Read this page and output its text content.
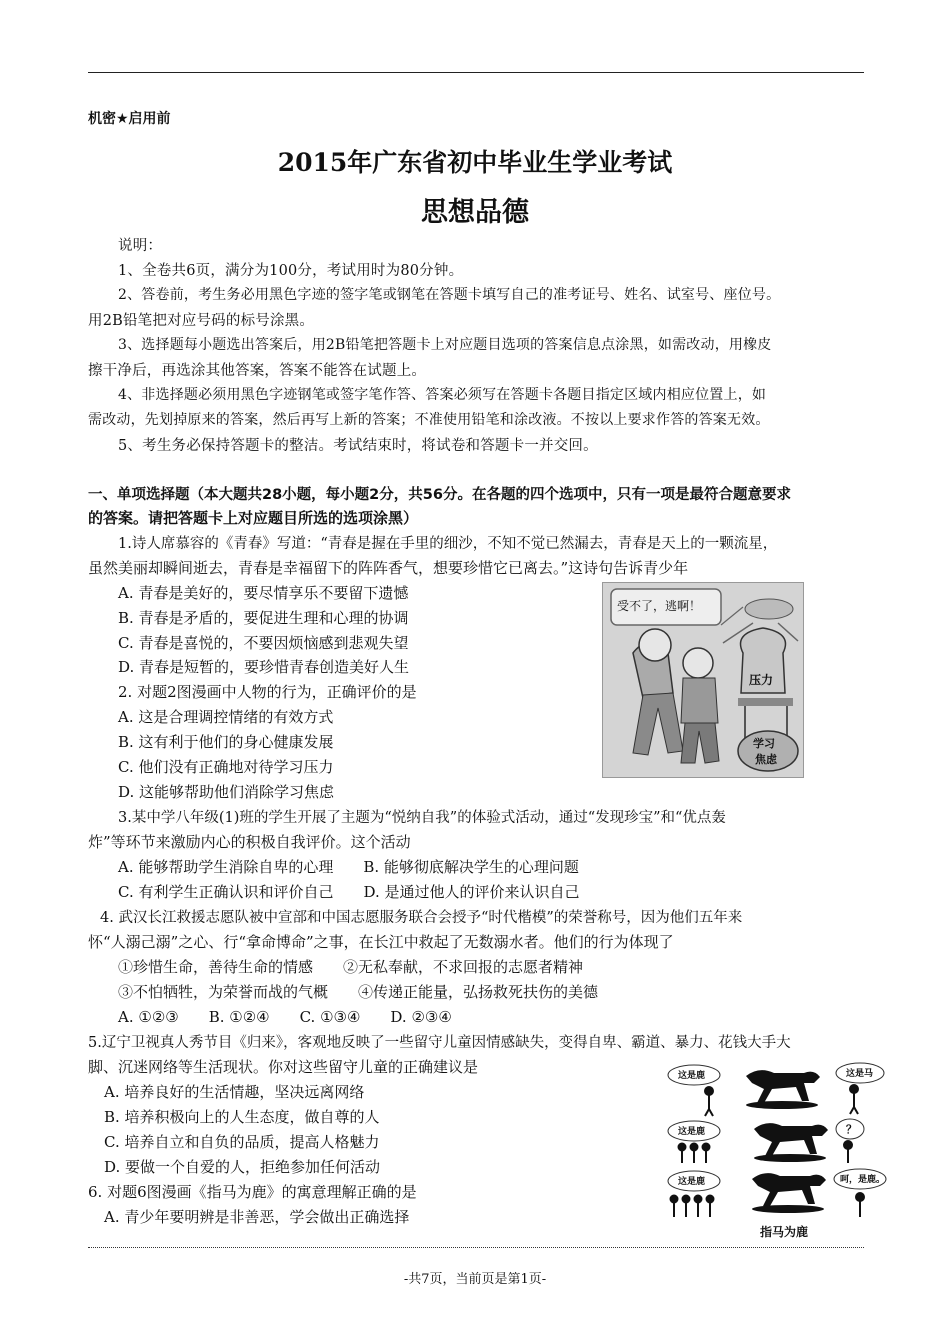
机密★启用前
2015年广东省初中毕业生学业考试
思想品德
说明：
1、全卷共6页，满分为100分，考试用时为80分钟。
2、答卷前，考生务必用黑色字迹的签字笔或钢笔在答题卡填写自己的准考证号、姓名、试室号、座位号。
用2B铅笔把对应号码的标号涂黑。
3、选择题每小题选出答案后，用2B铅笔把答题卡上对应题目选项的答案信息点涂黑，如需改动，用橡皮
擦干净后，再选涂其他答案，答案不能答在试题上。
4、非选择题必须用黑色字迹钢笔或签字笔作答、答案必须写在答题卡各题目指定区域内相应位置上，如
需改动，先划掉原来的答案，然后再写上新的答案；不准使用铅笔和涂改液。不按以上要求作答的答案无效。
5、考生务必保持答题卡的整洁。考试结束时，将试卷和答题卡一并交回。
一、单项选择题（本大题共28小题，每小题2分，共56分。在各题的四个选项中，只有一项是最符合题意要求
的答案。请把答题卡上对应题目所选的选项涂黑）
1.诗人席慕容的《青春》写道：“青春是握在手里的细沙，不知不觉已然漏去，青春是天上的一颗流星，
虽然美丽却瞬间逝去，青春是幸福留下的阵阵香气，想要珍惜它已离去。”这诗句告诉青少年
A. 青春是美好的，要尽情享乐不要留下遗憾
B. 青春是矛盾的，要促进生理和心理的协调
C. 青春是喜悦的，不要因烦恼感到悲观失望
D. 青春是短暂的，要珍惜青春创造美好人生
2. 对题2图漫画中人物的行为，正确评价的是
A. 这是合理调控情绪的有效方式
B. 这有利于他们的身心健康发展
C. 他们没有正确地对待学习压力
D. 这能够帮助他们消除学习焦虑
3.某中学八年级(1)班的学生开展了主题为“悦纳自我”的体验式活动，通过“发现珍宝”和“优点轰
炸”等环节来激励内心的积极自我评价。这个活动
A. 能够帮助学生消除自卑的心理　　B. 能够彻底解决学生的心理问题
C. 有利学生正确认识和评价自己　　D. 是通过他人的评价来认识自己
4. 武汉长江救援志愿队被中宣部和中国志愿服务联合会授予“时代楷模”的荣誉称号，因为他们五年来
怀“人溺己溺”之心、行“拿命博命”之事，在长江中救起了无数溺水者。他们的行为体现了
①珍惜生命，善待生命的情感　　②无私奉献，不求回报的志愿者精神
③不怕牺牲，为荣誉而战的气概　　④传递正能量，弘扬救死扶伤的美德
A. ①②③　　B. ①②④　　C. ①③④　　D. ②③④
5.辽宁卫视真人秀节目《归来》，客观地反映了一些留守儿童因情感缺失，变得自卑、霸道、暴力、花钱大手大
脚、沉迷网络等生活现状。你对这些留守儿童的正确建议是
A. 培养良好的生活情趣，坚决远离网络
B. 培养积极向上的人生态度，做自尊的人
C. 培养自立和自负的品质，提高人格魅力
D. 要做一个自爱的人，拒绝参加任何活动
6. 对题6图漫画《指马为鹿》的寓意理解正确的是
A. 青少年要明辨是非善恶，学会做出正确选择
受不了，逃啊！
压力
学习
焦虑
这是鹿	这是马
这是鹿	？
这是鹿	呵，是鹿。
指马为鹿
-共7页，当前页是第1页-
